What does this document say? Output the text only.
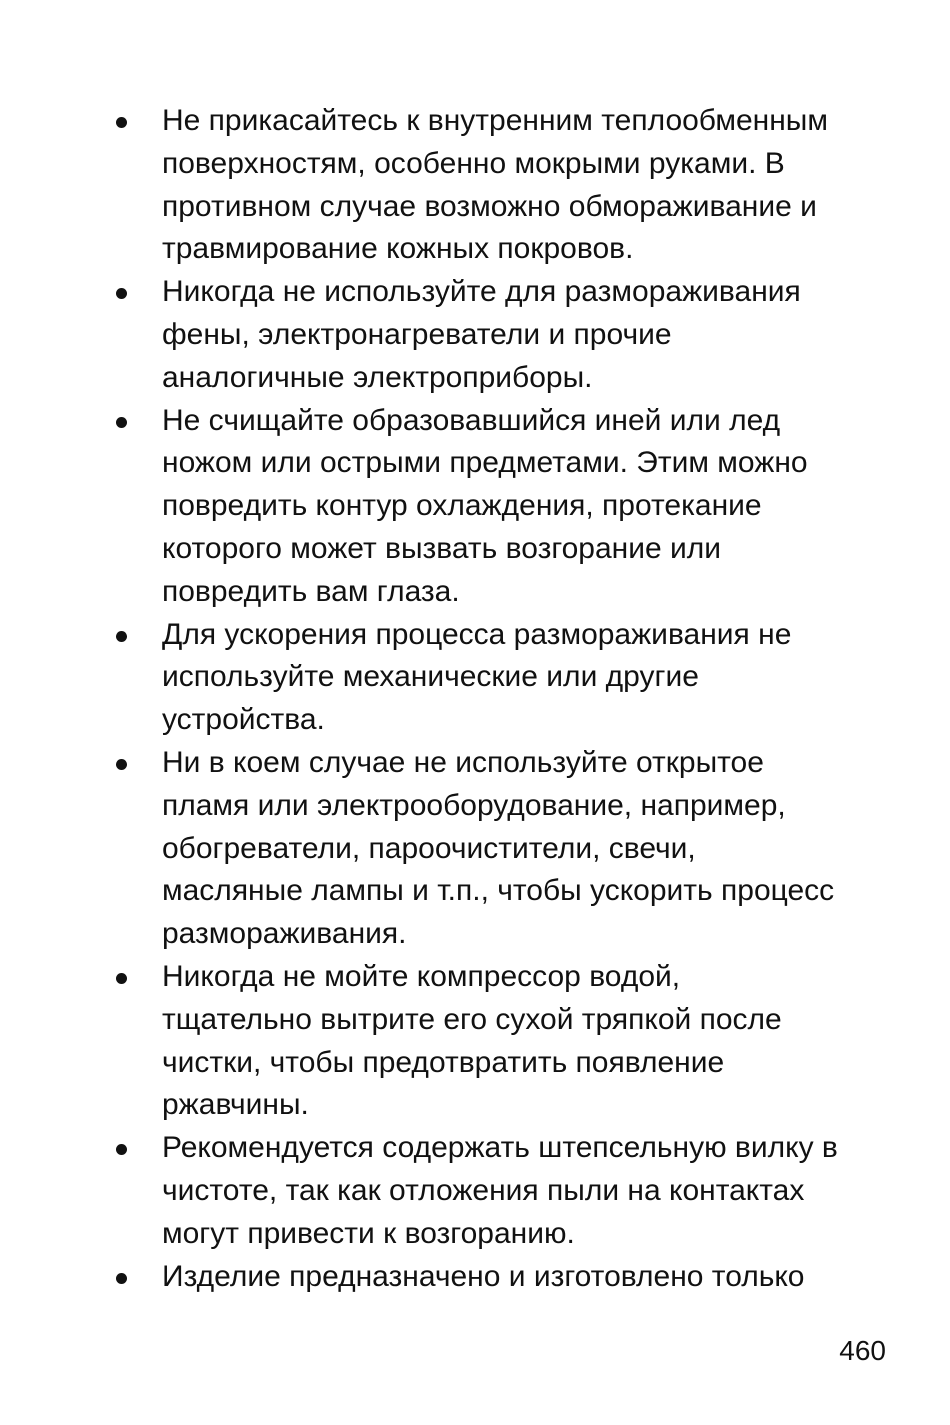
Не прикасайтесь к внутренним теплообменным
поверхностям, особенно мокрыми руками. В
противном случае возможно обмораживание и
травмирование кожных покровов.
Никогда не используйте для размораживания
фены, электронагреватели и прочие
аналогичные электроприборы.
Не счищайте образовавшийся иней или лед
ножом или острыми предметами. Этим можно
повредить контур охлаждения, протекание
которого может вызвать возгорание или
повредить вам глаза.
Для ускорения процесса размораживания не
используйте механические или другие
устройства.
Ни в коем случае не используйте открытое
пламя или электрооборудование, например,
обогреватели, пароочистители, свечи,
масляные лампы и т.п., чтобы ускорить процесс
размораживания.
Никогда не мойте компрессор водой,
тщательно вытрите его сухой тряпкой после
чистки, чтобы предотвратить появление
ржавчины.
Рекомендуется содержать штепсельную вилку в
чистоте, так как отложения пыли на контактах
могут привести к возгоранию.
Изделие предназначено и изготовлено только
460
